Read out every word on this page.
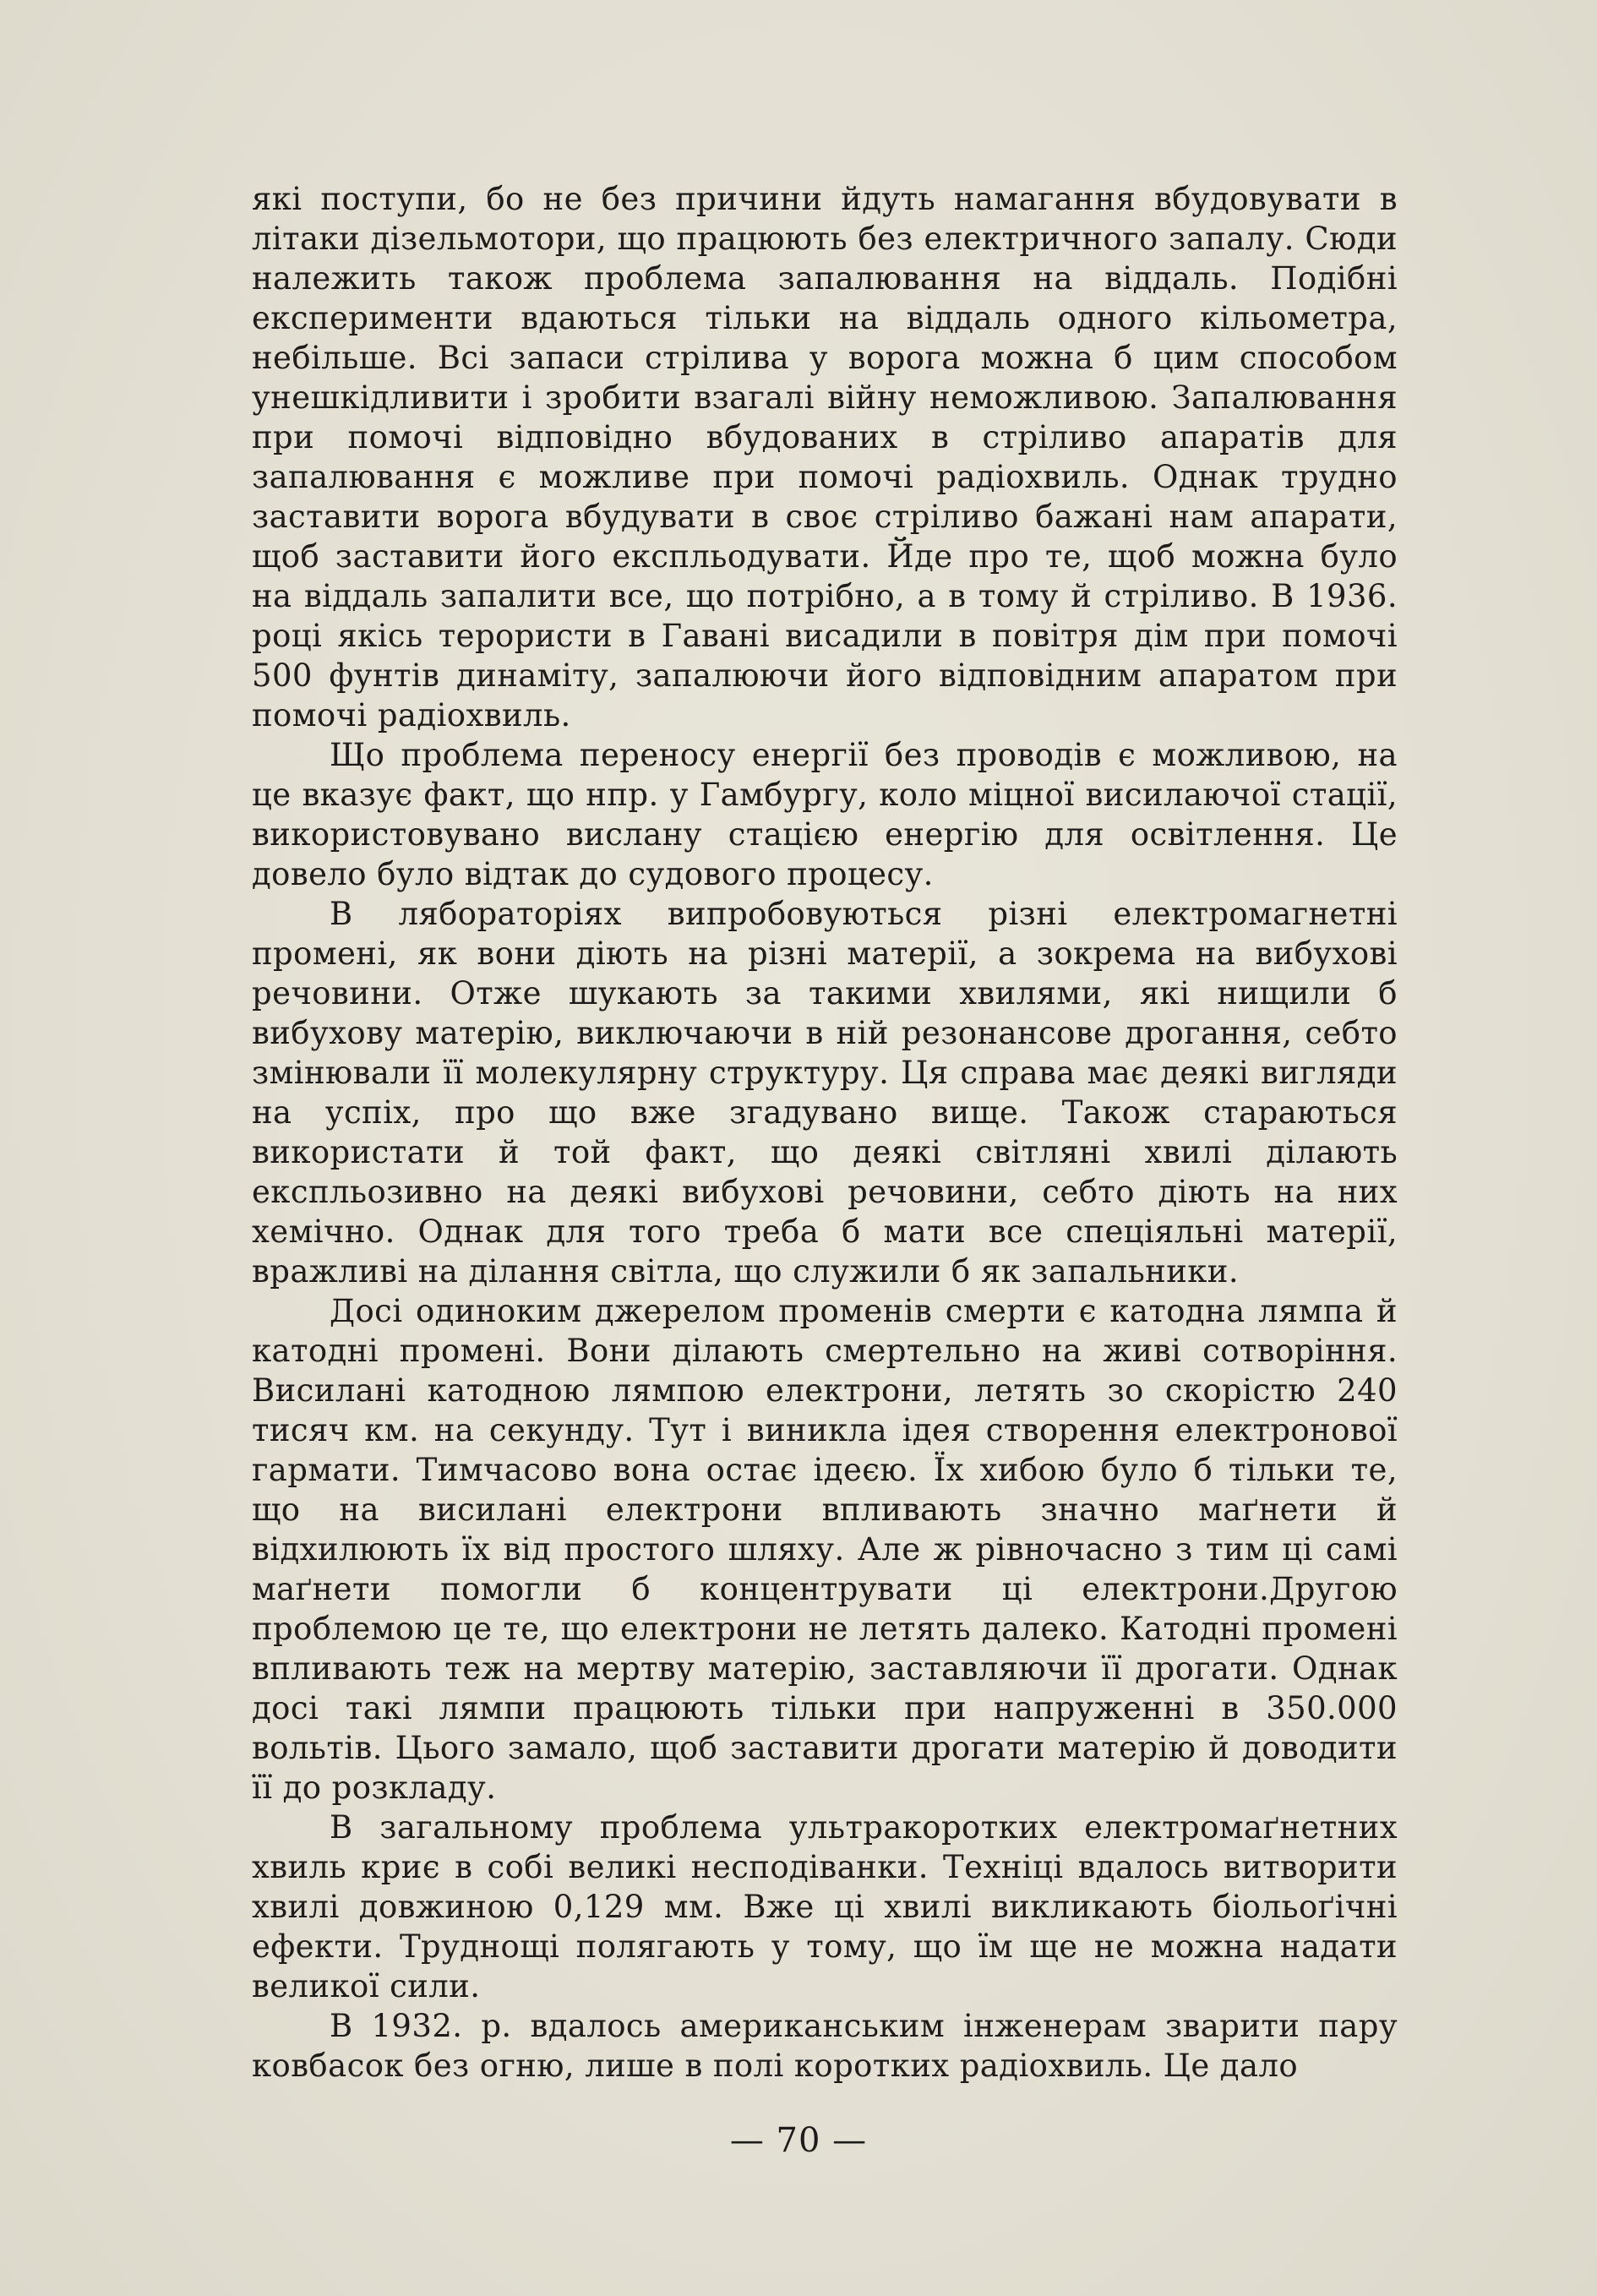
які поступи, бо не без причини йдуть намагання вбудовувати в літаки дізельмотори, що працюють без електричного запалу. Сюди належить також проблема запалювання на віддаль. Подібні експерименти вдаються тільки на віддаль одного кільометра, небільше. Всі запаси стрілива у ворога можна б цим способом унешкідливити і зробити взагалі війну неможливою. Запалювання при помочі відповідно вбудованих в стріливо апаратів для запалювання є можливе при помочі радіохвиль. Однак трудно заставити ворога вбудувати в своє стріливо бажані нам апарати, щоб заставити його експльодувати. Йде про те, щоб можна було на віддаль запалити все, що потрібно, а в тому й стріливо. В 1936. році якісь терористи в Гавані висадили в повітря дім при помочі 500 фунтів динаміту, запалюючи його відповідним апаратом при помочі радіохвиль.

Що проблема переносу енергії без проводів є можливою, на це вказує факт, що нпр. у Гамбургу, коло міцної висилаючої стації, використовувано вислану стацією енергію для освітлення. Це довело було відтак до судового процесу.

В ляборaторіях випробовуються різні електромагнетні промені, як вони діють на різні матерії, а зокрема на вибухові речовини. Отже шукають за такими хвилями, які нищили б вибухову матерію, виключаючи в ній резонансове дрогання, себто змінювали її молекулярну структуру. Ця справа має деякі вигляди на успіх, про що вже згадувано вище. Також стараються використати й той факт, що деякі світляні хвилі ділають експльозивно на деякі вибухові речовини, себто діють на них хемічно. Однак для того треба б мати все спеціяльні матерії, вражливі на ділання світла, що служили б як запальники.

Досі одиноким джерелом променів смерти є катодна лямпа й катодні промені. Вони ділають смертельно на живі сотворіння. Висилані катодною лямпою електрони, летять зо скорістю 240 тисяч км. на секунду. Тут і виникла ідея створення електронової гармати. Тимчасово вона остає ідеєю. Їх хибою було б тільки те, що на висилані електрони впливають значно маґнети й відхилюють їх від простого шляху. Але ж рівночасно з тим ці самі маґнети помогли б концентрувати ці електрони.Другою проблемою це те, що електрони не летять далеко. Катодні промені впливають теж на мертву матерію, заставляючи її дрогати. Однак досі такі лямпи працюють тільки при напруженні в 350.000 вольтів. Цього замало, щоб заставити дрогати матерію й доводити її до розкладу.

В загальному проблема ультракоротких електромаґнетних хвиль криє в собі великі несподіванки. Техніці вдалось витворити хвилі довжиною 0,129 мм. Вже ці хвилі викликають біольоґічні ефекти. Труднощі полягають у тому, що їм ще не можна надати великої сили.

В 1932. р. вдалось американським інженерам зварити пару ковбасок без огню, лише в полі коротких радіохвиль. Це дало

— 70 —
